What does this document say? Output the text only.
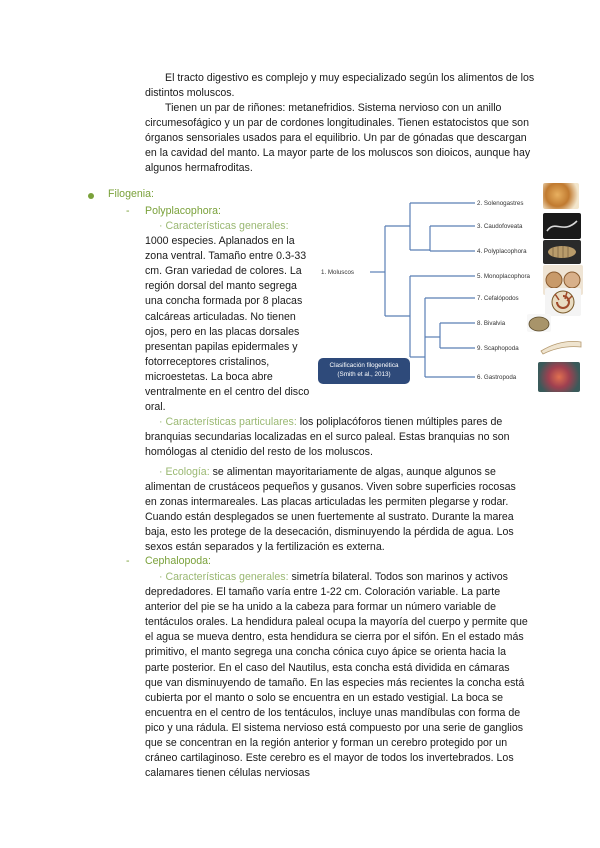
El tracto digestivo es complejo y muy especializado según los alimentos de los distintos moluscos.

Tienen un par de riñones: metanefridios. Sistema nervioso con un anillo circumesofágico y un par de cordones longitudinales. Tienen estatocistos que son órganos sensoriales usados para el equilibrio. Un par de gónadas que descargan en la cavidad del manto. La mayor parte de los moluscos son dioicos, aunque hay algunos hermafroditas.

Filogenia:
- Polyplacophora:
· Características generales:
1000 especies. Aplanados en la zona ventral. Tamaño entre 0.3-33 cm. Gran variedad de colores. La región dorsal del manto segrega una concha formada por 8 placas calcáreas articuladas. No tienen ojos, pero en las placas dorsales presentan papilas epidermales y fotorreceptores cristalinos, microestetas. La boca abre ventralmente en el centro del disco oral.
· Características particulares: los poliplacóforos tienen múltiples pares de branquias secundarias localizadas en el surco paleal. Estas branquias no son homólogas al ctenidio del resto de los moluscos.
· Ecología: se alimentan mayoritariamente de algas, aunque algunos se alimentan de crustáceos pequeños y gusanos. Viven sobre superficies rocosas en zonas intermareales. Las placas articuladas les permiten plegarse y rodar. Cuando están desplegados se unen fuertemente al sustrato. Durante la marea baja, esto les protege de la desecación, disminuyendo la pérdida de agua. Los sexos están separados y la fertilización es externa.
- Cephalopoda:
· Características generales: simetría bilateral. Todos son marinos y activos depredadores. El tamaño varía entre 1-22 cm. Coloración variable. La parte anterior del pie se ha unido a la cabeza para formar un número variable de tentáculos orales. La hendidura paleal ocupa la mayoría del cuerpo y permite que el agua se mueva dentro, esta hendidura se cierra por el sifón. En el estado más primitivo, el manto segrega una concha cónica cuyo ápice se orienta hacia la parte posterior. En el caso del Nautilus, esta concha está dividida en cámaras que van disminuyendo de tamaño. En las especies más recientes la concha está cubierta por el manto o solo se encuentra en un estado vestigial. La boca se encuentra en el centro de los tentáculos, incluye unas mandíbulas con forma de pico y una rádula. El sistema nervioso está compuesto por una serie de ganglios que se concentran en la región anterior y forman un cerebro protegido por un cráneo cartilaginoso. Este cerebro es el mayor de todos los invertebrados. Los calamares tienen células nerviosas
1. Moluscos
2. Solenogastres
3. Caudofoveata
4. Polyplacophora
5. Monoplacophora
7. Cefalópodos
8. Bivalvia
9. Scaphopoda
6. Gastropoda
Clasificación filogenética
(Smith et al., 2013)
